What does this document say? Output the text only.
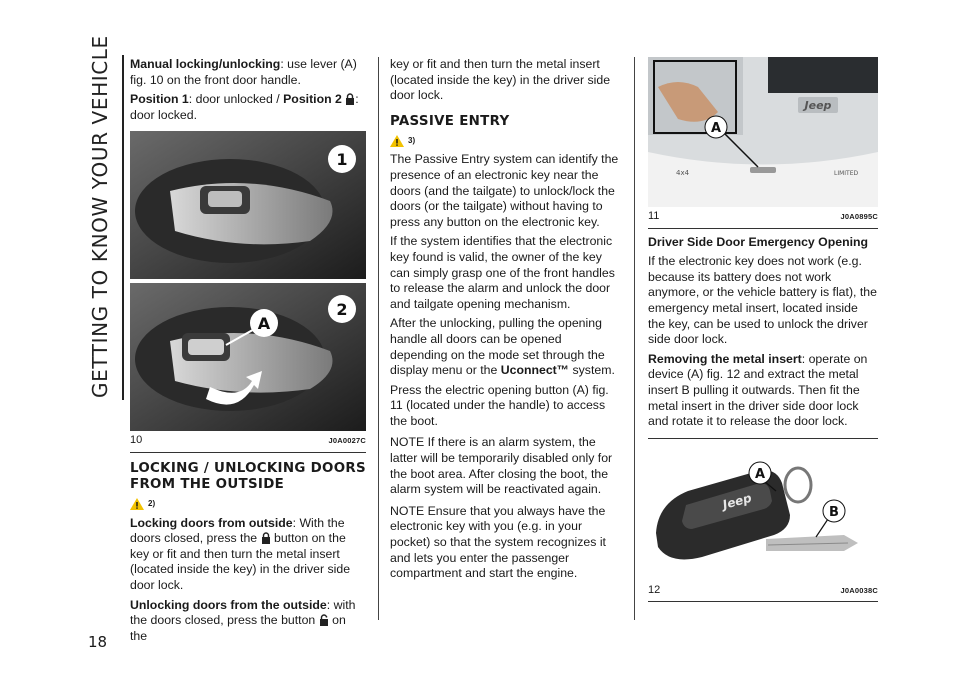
GETTING TO KNOW YOUR VEHICLE
18

Manual locking/unlocking: use lever (A) fig. 10 on the front door handle.

Position 1: door unlocked / Position 2 : door locked.

1
A
2
10	J0A0027C
LOCKING / UNLOCKING DOORS FROM THE OUTSIDE
2)

Locking doors from outside: With the doors closed, press the button on the key or fit and then turn the metal insert (located inside the key) in the driver side door lock.

Unlocking doors from the outside: with the doors closed, press the button on the

key or fit and then turn the metal insert (located inside the key) in the driver side door lock.

PASSIVE ENTRY
3)

The Passive Entry system can identify the presence of an electronic key near the doors (and the tailgate) to unlock/lock the doors (or the tailgate) without having to press any button on the electronic key.

If the system identifies that the electronic key found is valid, the owner of the key can simply grasp one of the front handles to release the alarm and unlock the door and tailgate opening mechanism.

After the unlocking, pulling the opening handle all doors can be opened depending on the mode set through the display menu or the Uconnect™ system.

Press the electric opening button (A) fig. 11 (located under the handle) to access the boot.

NOTE If there is an alarm system, the latter will be temporarily disabled only for the boot area. After closing the boot, the alarm system will be reactivated again.

NOTE Ensure that you always have the electronic key with you (e.g. in your pocket) so that the system recognizes it and lets you enter the passenger compartment and start the engine.

Jeep
4x4	LIMITED
A
11	J0A0895C

Driver Side Door Emergency Opening

If the electronic key does not work (e.g. because its battery does not work anymore, or the vehicle battery is flat), the emergency metal insert, located inside the key, can be used to unlock the driver side door lock.

Removing the metal insert: operate on device (A) fig. 12 and extract the metal insert B pulling it outwards. Then fit the metal insert in the driver side door lock and rotate it to release the door lock.

Jeep
A
B
12	J0A0038C
